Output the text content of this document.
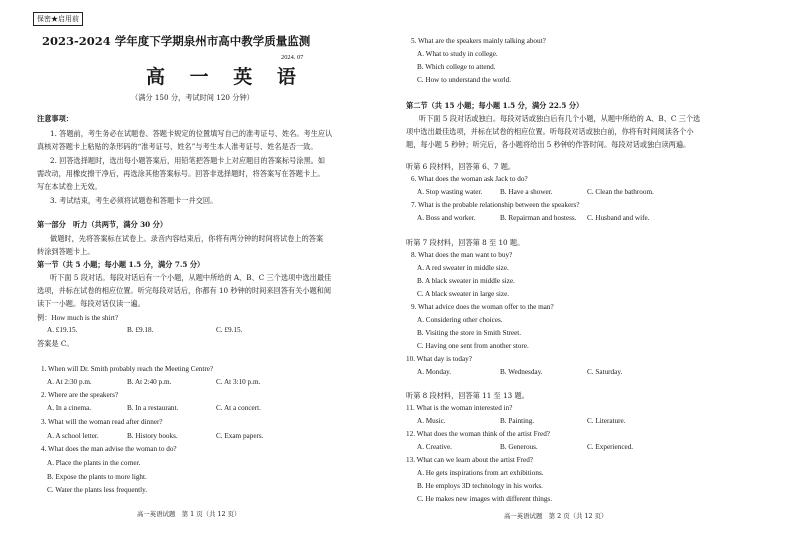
保密★启用前
2023-2024 学年度下学期泉州市高中教学质量监测
2024. 07
高 一 英 语
（满分 150 分，考试时间 120 分钟）
注意事项：
1. 答题前，考生务必在试题卷、答题卡规定的位置填写自己的准考证号、姓名。考生应认
真核对答题卡上粘贴的条形码的“准考证号、姓名”与考生本人准考证号、姓名是否一致。
2. 回答选择题时，选出每小题答案后，用铅笔把答题卡上对应题目的答案标号涂黑。如
需改动，用橡皮擦干净后，再选涂其他答案标号。回答非选择题时，将答案写在答题卡上。
写在本试卷上无效。
3. 考试结束，考生必须将试题卷和答题卡一并交回。
第一部分　听力（共两节，满分 30 分）
做题时，先将答案标在试卷上。录音内容结束后，你将有两分钟的时间将试卷上的答案
转涂到答题卡上。
第一节（共 5 小题；每小题 1.5 分，满分 7.5 分）
听下面 5 段对话。每段对话后有一个小题，从题中所给的 A、B、C 三个选项中选出最佳
选项，并标在试卷的相应位置。听完每段对话后，你都有 10 秒钟的时间来回答有关小题和阅
读下一小题。每段对话仅读一遍。
例：How much is the shirt?
A. £19.15.	B. £9.18.	C. £9.15.
答案是 C。
1. When will Dr. Smith probably reach the Meeting Centre?
A. At 2:30 p.m.	B. At 2:40 p.m.	C. At 3:10 p.m.
2. Where are the speakers?
A. In a cinema.	B. In a restaurant.	C. At a concert.
3. What will the woman read after dinner?
A. A school letter.	B. History books.	C. Exam papers.
4. What does the man advise the woman to do?
A. Place the plants in the corner.
B. Expose the plants to more light.
C. Water the plants less frequently.
高一英语试题　第 1 页（共 12 页）
5. What are the speakers mainly talking about?
A. What to study in college.
B. Which college to attend.
C. How to understand the world.
第二节（共 15 小题；每小题 1.5 分，满分 22.5 分）
听下面 5 段对话或独白。每段对话或独白后有几个小题，从题中所给的 A、B、C 三个选
项中选出最佳选项，并标在试卷的相应位置。听每段对话或独白前，你将有时间阅读各个小
题，每小题 5 秒钟；听完后，各小题将给出 5 秒钟的作答时间。每段对话或独白读两遍。
听第 6 段材料，回答第 6、7 题。
6. What does the woman ask Jack to do?
A. Stop wasting water. B. Have a shower.	C. Clean the bathroom.
7. What is the probable relationship between the speakers?
A. Boss and worker.	B. Repairman and hostess. C. Husband and wife.
听第 7 段材料，回答第 8 至 10 题。
8. What does the man want to buy?
A. A red sweater in middle size.
B. A black sweater in middle size.
C. A black sweater in large size.
9. What advice does the woman offer to the man?
A. Considering other choices.
B. Visiting the store in Smith Street.
C. Having one sent from another store.
10. What day is today?
A. Monday.	B. Wednesday.	C. Saturday.
听第 8 段材料，回答第 11 至 13 题。
11. What is the woman interested in?
A. Music.	B. Painting.	C. Literature.
12. What does the woman think of the artist Fred?
A. Creative.	B. Generous.	C. Experienced.
13. What can we learn about the artist Fred?
A. He gets inspirations from art exhibitions.
B. He employs 3D technology in his works.
C. He makes new images with different things.
高一英语试题　第 2 页（共 12 页）
